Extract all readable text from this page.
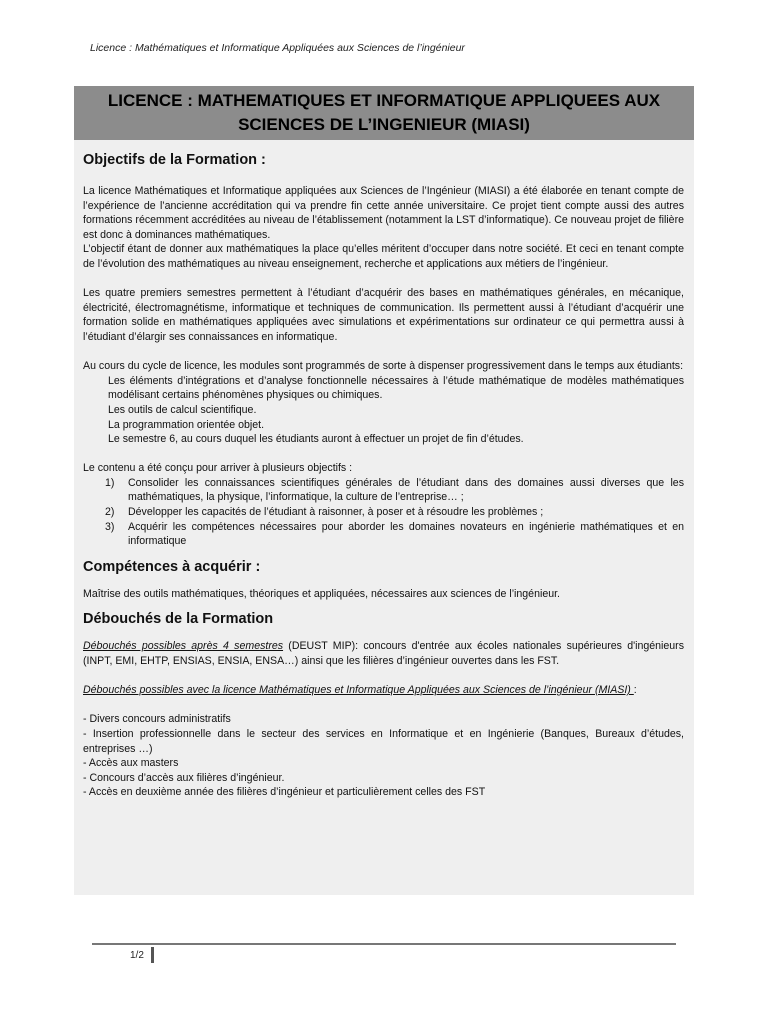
Licence : Mathématiques et Informatique Appliquées aux Sciences de l’ingénieur
LICENCE : MATHEMATIQUES ET INFORMATIQUE APPLIQUEES AUX
SCIENCES DE L’INGENIEUR (MIASI)
Objectifs de la Formation :

La licence Mathématiques et Informatique appliquées aux Sciences de l’Ingénieur (MIASI) a été élaborée en tenant compte de l’expérience de l’ancienne accréditation qui va prendre fin cette année universitaire. Ce projet tient compte aussi des autres formations récemment accréditées au niveau de l’établissement (notamment la LST d’informatique). Ce nouveau projet de filière est donc à dominances mathématiques.

L’objectif étant de donner aux mathématiques la place qu’elles méritent d’occuper dans notre société. Et ceci en tenant compte de l’évolution des mathématiques au niveau enseignement, recherche et applications aux métiers de l’ingénieur.

Les quatre premiers semestres permettent à l’étudiant d’acquérir des bases en mathématiques générales, en mécanique, électricité, électromagnétisme, informatique et techniques de communication. Ils permettent aussi à l’étudiant d’acquérir une formation solide en mathématiques appliquées avec simulations et expérimentations sur ordinateur ce qui permettra aussi à l’étudiant d’élargir ses connaissances en informatique.

Au cours du cycle de licence, les modules sont programmés de sorte à dispenser progressivement dans le temps aux étudiants:

Les éléments d’intégrations et d’analyse fonctionnelle nécessaires à l’étude mathématique de modèles mathématiques modélisant certains phénomènes physiques ou chimiques.
Les outils de calcul scientifique.
La programmation orientée objet.
Le semestre 6, au cours duquel les étudiants auront à effectuer un projet de fin d’études.

Le contenu a été conçu pour arriver à plusieurs objectifs :

1) Consolider les connaissances scientifiques générales de l’étudiant dans des domaines aussi diverses que les mathématiques, la physique, l’informatique, la culture de l’entreprise… ;
2) Développer les capacités de l’étudiant à raisonner, à poser et à résoudre les problèmes ;
3) Acquérir les compétences nécessaires pour aborder les domaines novateurs en ingénierie mathématiques et en informatique
Compétences à acquérir :

Maîtrise des outils mathématiques, théoriques et appliquées, nécessaires aux sciences de l’ingénieur.

Débouchés de la Formation

Débouchés possibles après 4 semestres (DEUST MIP): concours d'entrée aux écoles nationales supérieures d'ingénieurs (INPT, EMI, EHTP, ENSIAS, ENSIA, ENSA…) ainsi que les filières d’ingénieur ouvertes dans les FST.

Débouchés possibles avec la licence Mathématiques et Informatique Appliquées aux Sciences de l’ingénieur (MIASI) :

- Divers concours administratifs
- Insertion professionnelle dans le secteur des services en Informatique et en Ingénierie (Banques, Bureaux d’études, entreprises …)
- Accès aux masters
- Concours d’accès aux filières d’ingénieur.
- Accès en deuxième année des filières d’ingénieur et particulièrement celles des FST
1/2
